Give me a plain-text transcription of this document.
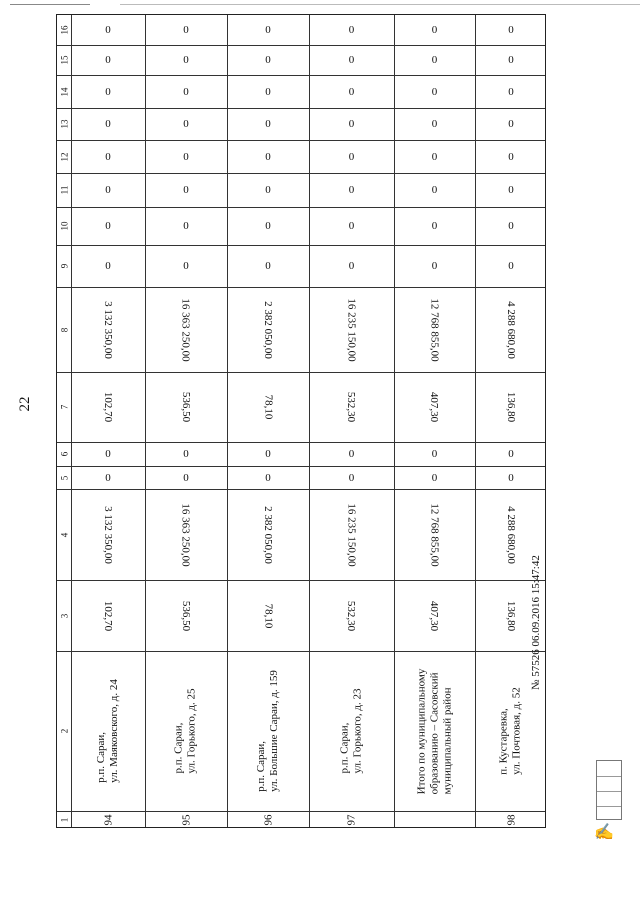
22
16
15
14
13
12
11
10
9
8
7
6
5
4
3
2
1
0
0
0
0
0
0
0
0
3 132 350,00
102,70
0
0
3 132 350,00
102,70
р.п. Сараи, ул. Маяковского, д. 24
94
0
0
0
0
0
0
0
0
16 363 250,00
536,50
0
0
16 363 250,00
536,50
р.п. Сараи, ул. Горького, д. 25
95
0
0
0
0
0
0
0
0
2 382 050,00
78,10
0
0
2 382 050,00
78,10
р.п. Сараи, ул. Большие Сараи, д. 159
96
0
0
0
0
0
0
0
0
16 235 150,00
532,30
0
0
16 235 150,00
532,30
р.п. Сараи, ул. Горького, д. 23
97
0
0
0
0
0
0
0
0
12 768 855,00
407,30
0
0
12 768 855,00
407,30
Итого по муниципальному образованию – Сасовский муниципальный район
0
0
0
0
0
0
0
0
4 288 680,00
136,80
0
0
4 288 680,00
136,80
п. Кустаревка, ул. Почтовая, д. 52
98
№ 57526 06.09.2016 15:47:42
✍
